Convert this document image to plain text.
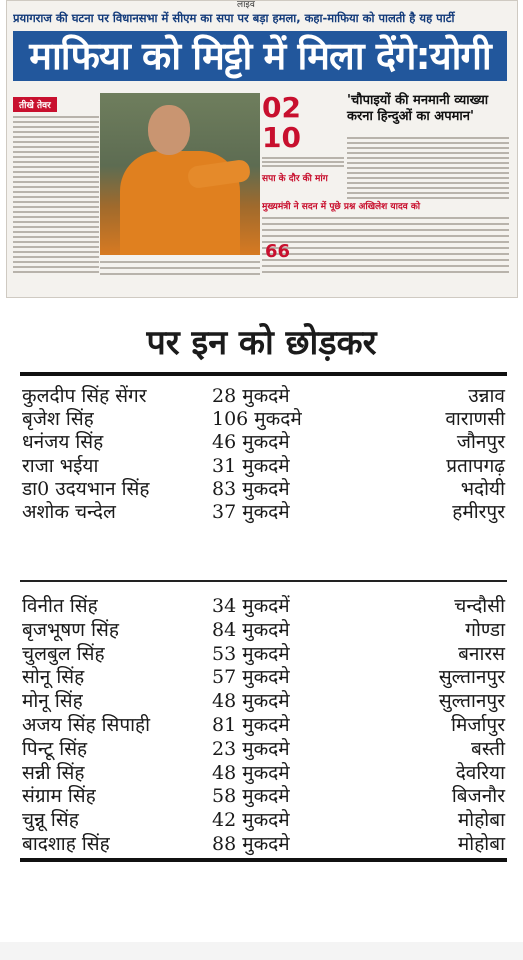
लाइव
प्रयागराज की घटना पर विधानसभा में सीएम का सपा पर बड़ा हमला, कहा-माफिया को पालती है यह पार्टी
माफिया को मिट्टी में मिला देंगे:योगी
तीखे तेवर	02
10
सपा के दौर की मांग
'चौपाइयों की मनमानी व्याख्या करना हिन्दुओं का अपमान'
मुख्यमंत्री ने सदन में पूछे प्रश्न अखिलेश यादव को
66
पर इन को छोड़कर
कुलदीप सिंह सेंगर	28 मुकदमे	उन्नाव
बृजेश सिंह	106 मुकदमे	वाराणसी
धनंजय सिंह	46 मुकदमे	जौनपुर
राजा भईया	31 मुकदमे	प्रतापगढ़
डा0 उदयभान सिंह	83 मुकदमे	भदोयी
अशोक चन्देल	37 मुकदमे	हमीरपुर
विनीत सिंह	34 मुकदमें	चन्दौसी
बृजभूषण सिंह	84 मुकदमे	गोण्डा
चुलबुल सिंह	53 मुकदमे	बनारस
सोनू सिंह	57 मुकदमे	सुल्तानपुर
मोनू सिंह	48 मुकदमे	सुल्तानपुर
अजय सिंह सिपाही	81 मुकदमे	मिर्जापुर
पिन्टू सिंह	23 मुकदमे	बस्ती
सन्नी सिंह	48 मुकदमे	देवरिया
संग्राम सिंह	58 मुकदमे	बिजनौर
चुन्नू सिंह	42 मुकदमे	मोहोबा
बादशाह सिंह	88 मुकदमे	मोहोबा
